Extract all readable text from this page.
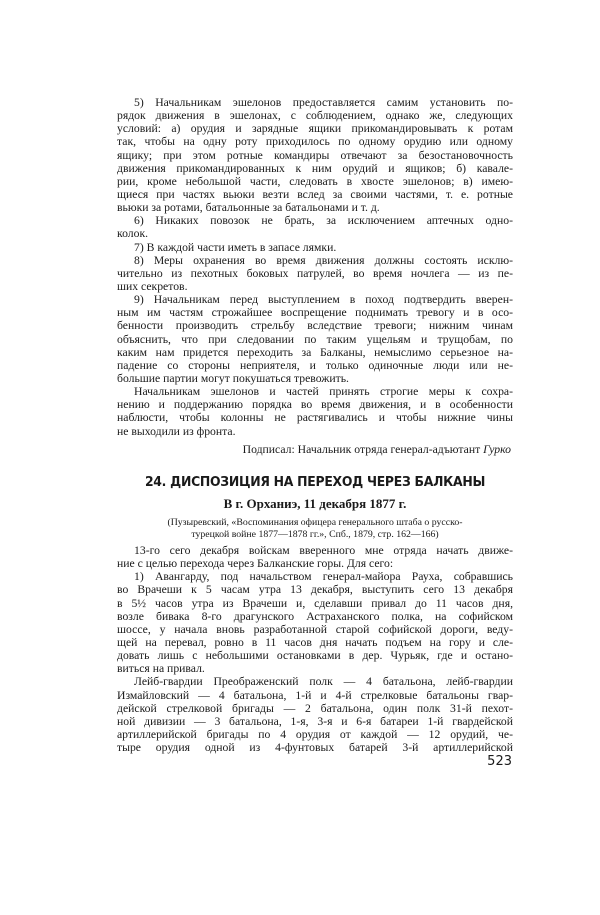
5) Начальникам эшелонов предоставляется самим установить по-
рядок движения в эшелонах, с соблюдением, однако же, следующих
условий: а) орудия и зарядные ящики прикомандировывать к ротам
так, чтобы на одну роту приходилось по одному орудию или одному
ящику; при этом ротные командиры отвечают за безостановочность
движения прикомандированных к ним орудий и ящиков; б) кавале-
рии, кроме небольшой части, следовать в хвосте эшелонов; в) имею-
щиеся при частях вьюки везти вслед за своими частями, т. е. ротные
вьюки за ротами, батальонные за батальонами и т. д.
6) Никаких повозок не брать, за исключением аптечных одно-
колок.
7) В каждой части иметь в запасе лямки.
8) Меры охранения во время движения должны состоять исклю-
чительно из пехотных боковых патрулей, во время ночлега — из пе-
ших секретов.
9) Начальникам перед выступлением в поход подтвердить вверен-
ным им частям строжайшее воспрещение поднимать тревогу и в осо-
бенности производить стрельбу вследствие тревоги; нижним чинам
объяснить, что при следовании по таким ущельям и трущобам, по
каким нам придется переходить за Балканы, немыслимо серьезное на-
падение со стороны неприятеля, и только одиночные люди или не-
большие партии могут покушаться тревожить.
Начальникам эшелонов и частей принять строгие меры к сохра-
нению и поддержанию порядка во время движения, и в особенности
наблюсти, чтобы колонны не растягивались и чтобы нижние чины
не выходили из фронта.
Подписал: Начальник отряда генерал-адъютант Гурко
24. ДИСПОЗИЦИЯ НА ПЕРЕХОД ЧЕРЕЗ БАЛКАНЫ
В г. Орханиэ, 11 декабря 1877 г.
(Пузыревский, «Воспоминания офицера генерального штаба о русско-
турецкой войне 1877—1878 гг.», Спб., 1879, стр. 162—166)
13-го сего декабря войскам вверенного мне отряда начать движе-
ние с целью перехода через Балканские горы. Для сего:
1) Авангарду, под начальством генерал-майора Рауха, собравшись
во Врачеши к 5 часам утра 13 декабря, выступить сего 13 декабря
в 5½ часов утра из Врачеши и, сделавши привал до 11 часов дня,
возле бивака 8-го драгунского Астраханского полка, на софийском
шоссе, у начала вновь разработанной старой софийской дороги, веду-
щей на перевал, ровно в 11 часов дня начать подъем на гору и сле-
довать лишь с небольшими остановками в дер. Чурьяк, где и остано-
виться на привал.
Лейб-гвардии Преображенский полк — 4 батальона, лейб-гвардии
Измайловский — 4 батальона, 1-й и 4-й стрелковые батальоны гвар-
дейской стрелковой бригады — 2 батальона, один полк 31-й пехот-
ной дивизии — 3 батальона, 1-я, 3-я и 6-я батареи 1-й гвардейской
артиллерийской бригады по 4 орудия от каждой — 12 орудий, че-
тыре орудия одной из 4-фунтовых батарей 3-й артиллерийской
523
